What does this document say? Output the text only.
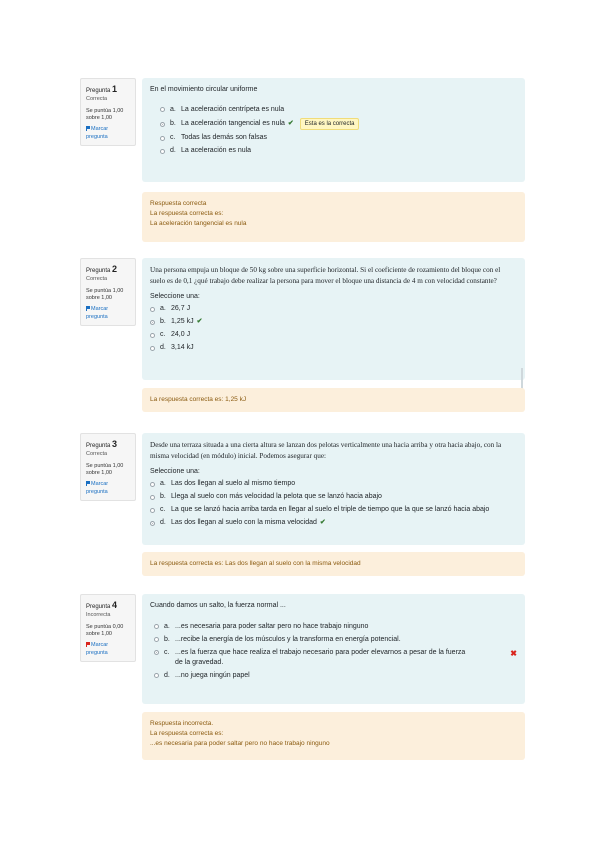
Pregunta 1
Correcta
Se puntúa 1,00
sobre 1,00
Marcar pregunta
En el movimiento circular uniforme
a. La aceleración centrípeta es nula
b. La aceleración tangencial es nula ✔	Esta es la correcta
c. Todas las demás son falsas
d. La aceleración es nula
Respuesta correcta
La respuesta correcta es:
La aceleración tangencial es nula
Pregunta 2
Correcta
Se puntúa 1,00
sobre 1,00
Marcar pregunta
Una persona empuja un bloque de 50 kg sobre una superficie horizontal. Si el coeficiente de rozamiento del bloque con el suelo es de 0,1 ¿qué trabajo debe realizar la persona para mover el bloque una distancia de 4 m con velocidad constante?
Seleccione una:
a. 26,7 J
b. 1,25 kJ ✔
c. 24,0 J
d. 3,14 kJ
La respuesta correcta es: 1,25 kJ
Pregunta 3
Correcta
Se puntúa 1,00
sobre 1,00
Marcar pregunta
Desde una terraza situada a una cierta altura se lanzan dos pelotas verticalmente una hacia arriba y otra hacia abajo, con la misma velocidad (en módulo) inicial. Podemos asegurar que:
Seleccione una:
a. Las dos llegan al suelo al mismo tiempo
b. Llega al suelo con más velocidad la pelota que se lanzó hacia abajo
c. La que se lanzó hacia arriba tarda en llegar al suelo el triple de tiempo que la que se lanzó hacia abajo
d. Las dos llegan al suelo con la misma velocidad ✔
La respuesta correcta es: Las dos llegan al suelo con la misma velocidad
Pregunta 4
Incorrecta
Se puntúa 0,00
sobre 1,00
Marcar pregunta
Cuando damos un salto, la fuerza normal ...
a. ...es necesaria para poder saltar pero no hace trabajo ninguno
b. ...recibe la energía de los músculos y la transforma en energía potencial.
c. ...es la fuerza que hace realiza el trabajo necesario para poder elevarnos a pesar de la fuerza de la gravedad.
✖
d. ...no juega ningún papel
Respuesta incorrecta.
La respuesta correcta es:
...es necesaria para poder saltar pero no hace trabajo ninguno
